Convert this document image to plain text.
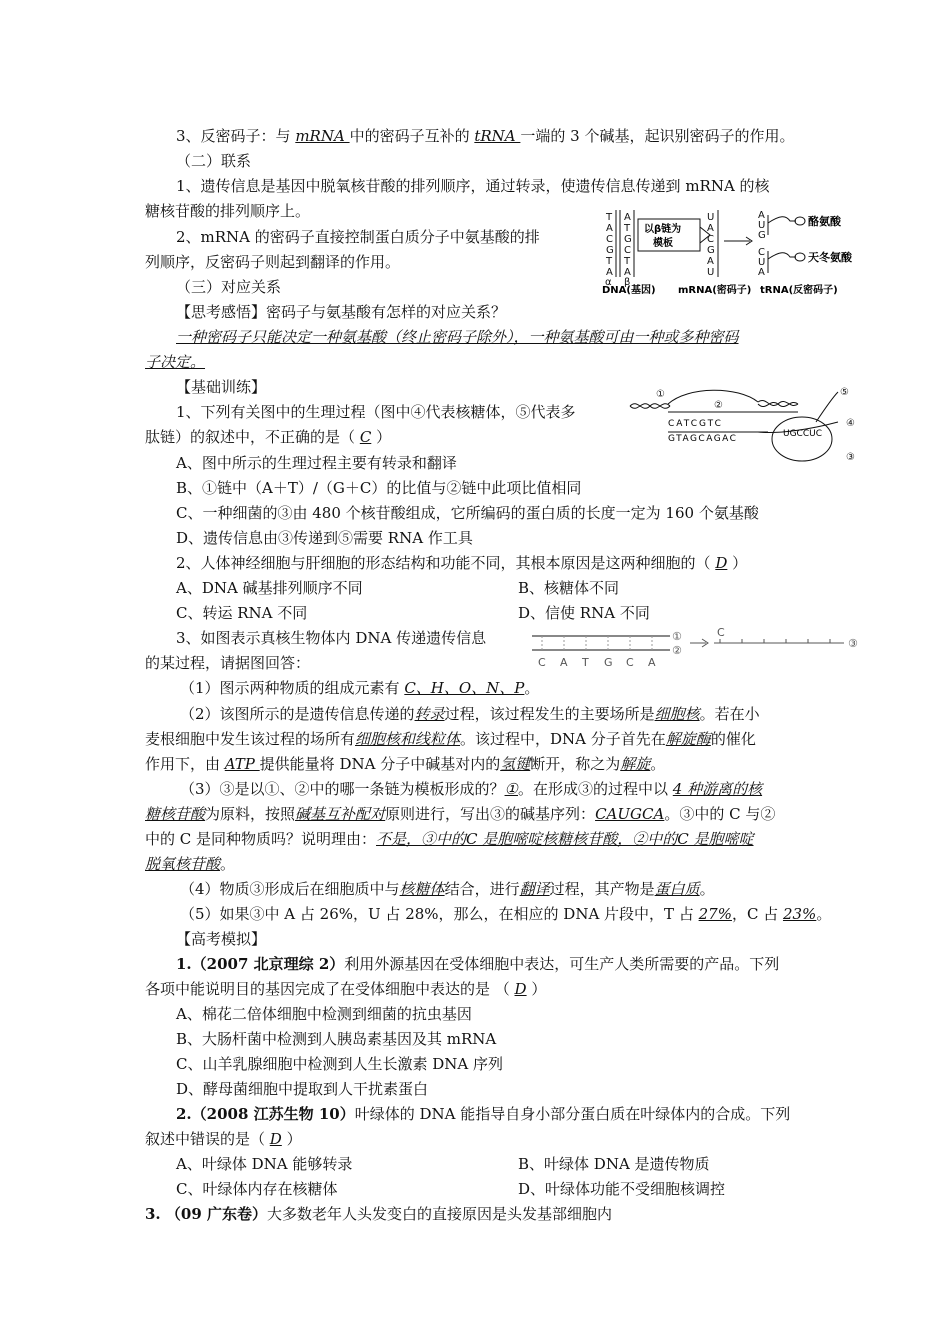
3、反密码子：与 mRNA 中的密码子互补的 tRNA 一端的 3 个碱基，起识别密码子的作用。
（二）联系
1、遗传信息是基因中脱氧核苷酸的排列顺序，通过转录，使遗传信息传递到 mRNA 的核
糖核苷酸的排列顺序上。
2、mRNA 的密码子直接控制蛋白质分子中氨基酸的排
列顺序，反密码子则起到翻译的作用。
（三）对应关系
【思考感悟】密码子与氨基酸有怎样的对应关系？
一种密码子只能决定一种氨基酸（终止密码子除外），一种氨基酸可由一种或多种密码
子决定。
T
A
C
G
T
A
A
T
G
C
T
A
α β
以β链为
模板
U
A
C
G
A
U
A
U
G
C
U
A
酪氨酸
天冬氨酸
DNA(基因) mRNA(密码子) tRNA(反密码子)
【基础训练】
1、下列有关图中的生理过程（图中④代表核糖体，⑤代表多
肽链）的叙述中，不正确的是（ C ）
A、图中所示的生理过程主要有转录和翻译
B、①链中（A＋T）/（G＋C）的比值与②链中此项比值相同
C、一种细菌的③由 480 个核苷酸组成，它所编码的蛋白质的长度一定为 160 个氨基酸
D、遗传信息由③传递到⑤需要 RNA 作工具
2、人体神经细胞与肝细胞的形态结构和功能不同，其根本原因是这两种细胞的（ D ）
A、DNA 碱基排列顺序不同	B、核糖体不同
C、转运 RNA 不同	D、信使 RNA 不同
3、如图表示真核生物体内 DNA 传递遗传信息
的某过程，请据图回答：
（1）图示两种物质的组成元素有 C、H、O、N、P。
（2）该图所示的是遗传信息传递的转录过程，该过程发生的主要场所是细胞核。若在小
麦根细胞中发生该过程的场所有细胞核和线粒体。该过程中，DNA 分子首先在解旋酶的催化
作用下，由 ATP 提供能量将 DNA 分子中碱基对内的氢键断开，称之为解旋。
（3）③是以①、②中的哪一条链为模板形成的？①。在形成③的过程中以 4 种游离的核
糖核苷酸为原料，按照碱基互补配对原则进行，写出③的碱基序列：CAUGCA。③中的 C 与②
中的 C 是同种物质吗？说明理由：不是，③中的C 是胞嘧啶核糖核苷酸，②中的C 是胞嘧啶
脱氧核苷酸。
（4）物质③形成后在细胞质中与核糖体结合，进行翻译过程，其产物是蛋白质。
（5）如果③中 A 占 26%，U 占 28%，那么，在相应的 DNA 片段中，T 占 27%，C 占 23%。
①
②
⑤
④
③
CATCGTC
GTAGCAGAC	UGCCUC
①
②
③
C A T G C A
C
【高考模拟】
1.（2007 北京理综 2）利用外源基因在受体细胞中表达，可生产人类所需要的产品。下列
各项中能说明目的基因完成了在受体细胞中表达的是 （ D ）
A、棉花二倍体细胞中检测到细菌的抗虫基因
B、大肠杆菌中检测到人胰岛素基因及其 mRNA
C、山羊乳腺细胞中检测到人生长激素 DNA 序列
D、酵母菌细胞中提取到人干扰素蛋白
2.（2008 江苏生物 10）叶绿体的 DNA 能指导自身小部分蛋白质在叶绿体内的合成。下列
叙述中错误的是（ D ）
A、叶绿体 DNA 能够转录	B、叶绿体 DNA 是遗传物质
C、叶绿体内存在核糖体	D、叶绿体功能不受细胞核调控
3. （09 广东卷）大多数老年人头发变白的直接原因是头发基部细胞内
